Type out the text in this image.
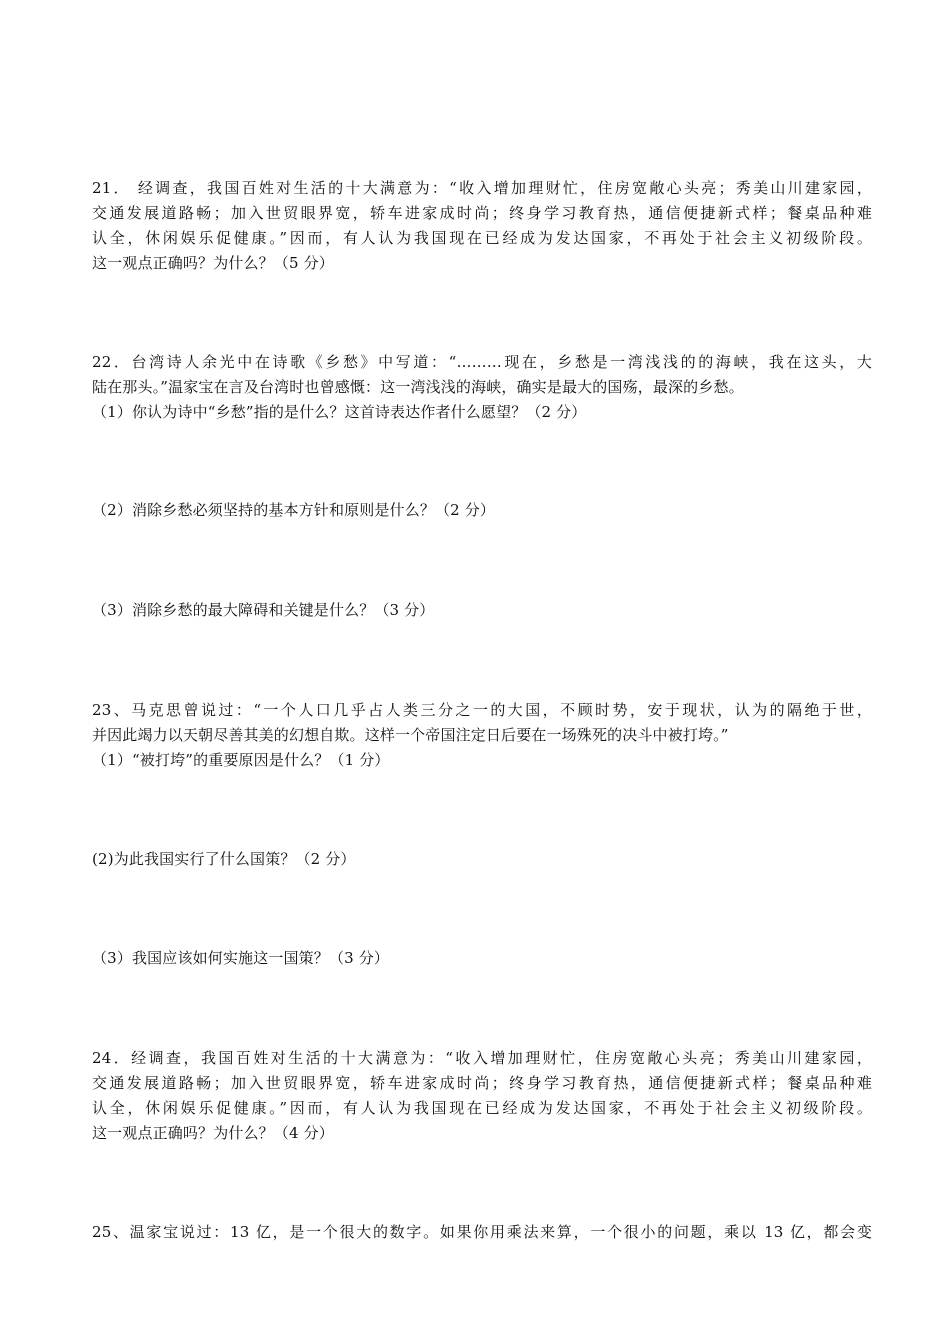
21． 经调查，我国百姓对生活的十大满意为：“收入增加理财忙，住房宽敞心头亮；秀美山川建家园，
交通发展道路畅；加入世贸眼界宽，轿车进家成时尚；终身学习教育热，通信便捷新式样；餐桌品种难
认全，休闲娱乐促健康。”因而，有人认为我国现在已经成为发达国家，不再处于社会主义初级阶段。
这一观点正确吗？为什么？（5 分）
22．台湾诗人余光中在诗歌《乡愁》中写道：“………现在，乡愁是一湾浅浅的的海峡，我在这头，大
陆在那头。”温家宝在言及台湾时也曾感慨：这一湾浅浅的海峡，确实是最大的国殇，最深的乡愁。
（1）你认为诗中“乡愁”指的是什么？这首诗表达作者什么愿望？（2 分）
（2）消除乡愁必须坚持的基本方针和原则是什么？（2 分）
（3）消除乡愁的最大障碍和关键是什么？（3 分）
23、马克思曾说过：“一个人口几乎占人类三分之一的大国，不顾时势，安于现状，认为的隔绝于世，
并因此竭力以天朝尽善其美的幻想自欺。这样一个帝国注定日后要在一场殊死的决斗中被打垮。”
（1）“被打垮”的重要原因是什么？（1 分）
(2)为此我国实行了什么国策？（2 分）
（3）我国应该如何实施这一国策？（3 分）
24．经调查，我国百姓对生活的十大满意为：“收入增加理财忙，住房宽敞心头亮；秀美山川建家园，
交通发展道路畅；加入世贸眼界宽，轿车进家成时尚；终身学习教育热，通信便捷新式样；餐桌品种难
认全，休闲娱乐促健康。”因而，有人认为我国现在已经成为发达国家，不再处于社会主义初级阶段。
这一观点正确吗？为什么？（4 分）
25、温家宝说过：13 亿，是一个很大的数字。如果你用乘法来算，一个很小的问题，乘以 13 亿，都会变
